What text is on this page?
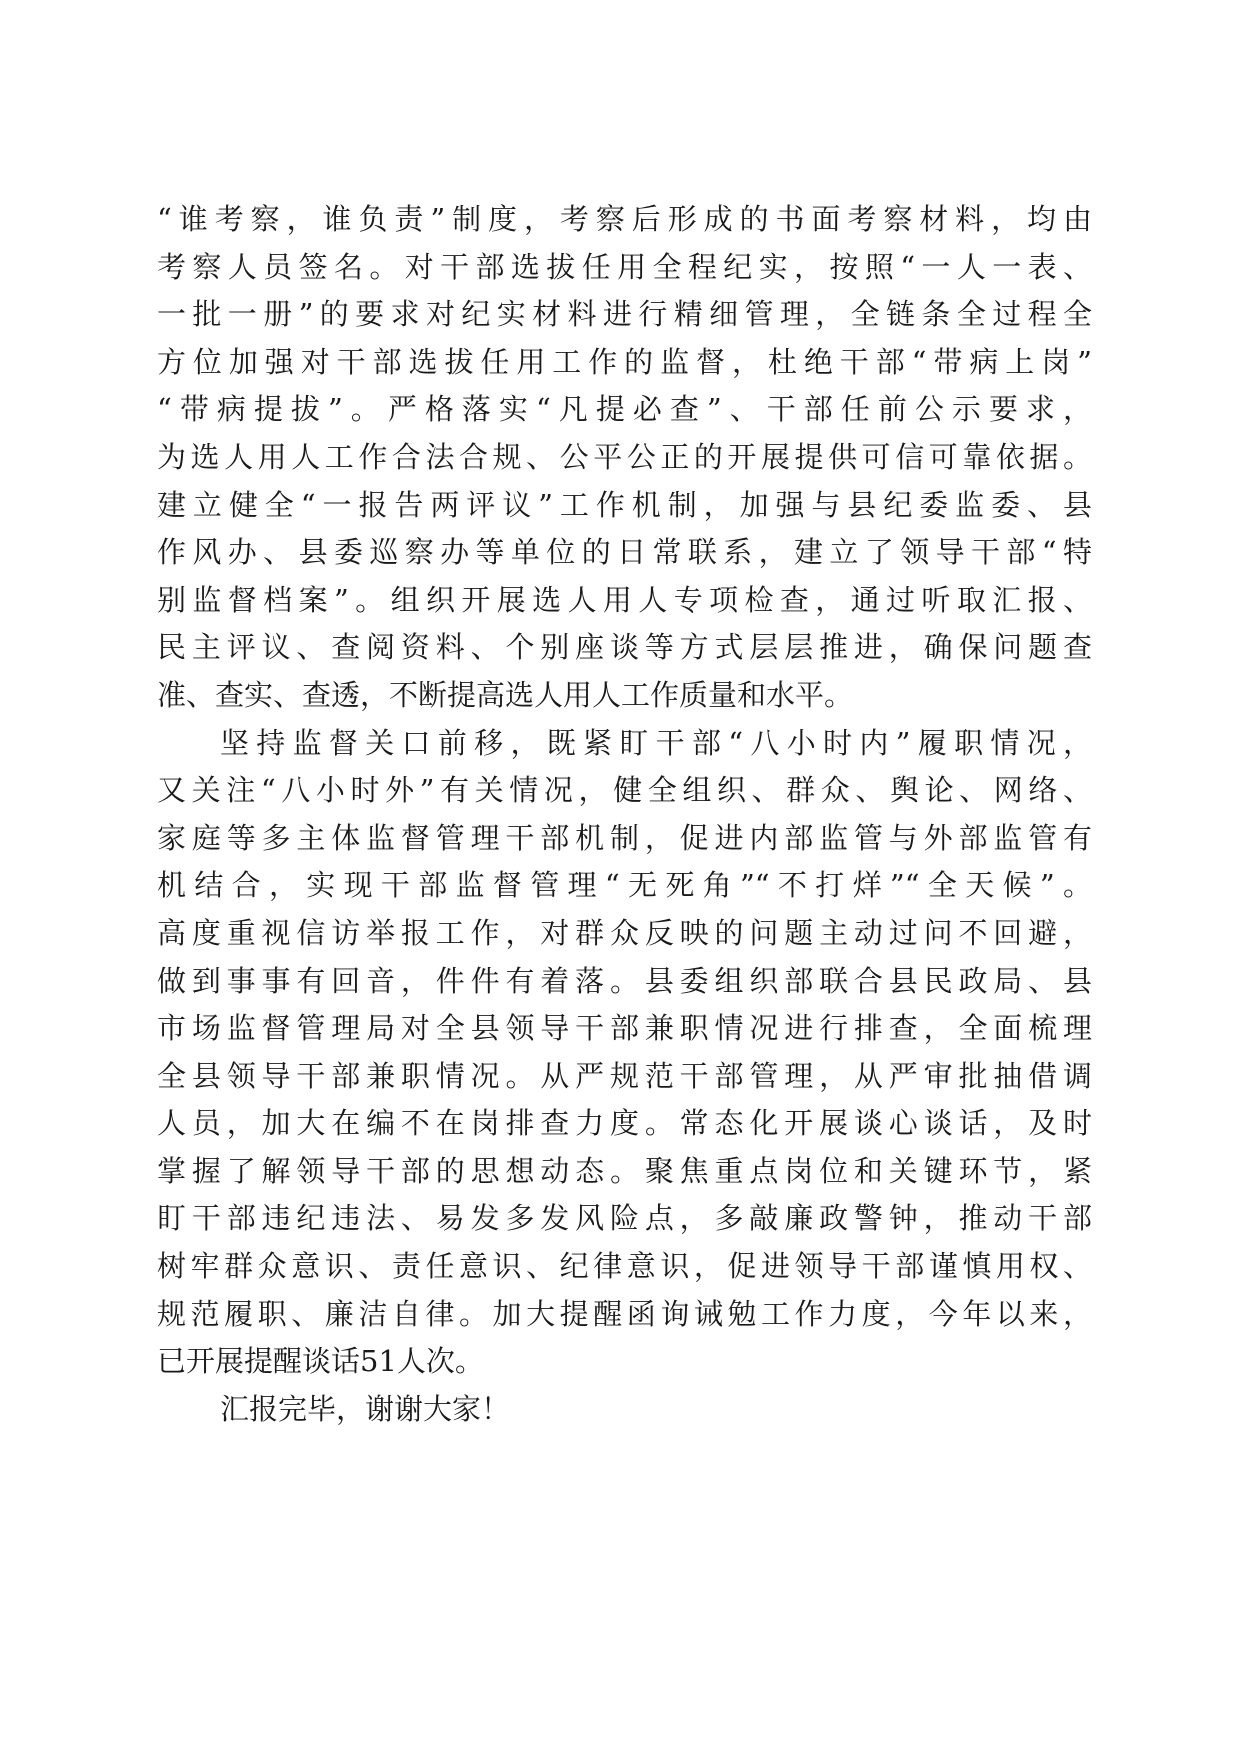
“谁考察，谁负责”制度，考察后形成的书面考察材料，均由
考察人员签名。对干部选拔任用全程纪实，按照“一人一表、
一批一册”的要求对纪实材料进行精细管理，全链条全过程全
方位加强对干部选拔任用工作的监督，杜绝干部“带病上岗”
“带病提拔”。严格落实“凡提必查”、干部任前公示要求，
为选人用人工作合法合规、公平公正的开展提供可信可靠依据。
建立健全“一报告两评议”工作机制，加强与县纪委监委、县
作风办、县委巡察办等单位的日常联系，建立了领导干部“特
别监督档案”。组织开展选人用人专项检查，通过听取汇报、
民主评议、查阅资料、个别座谈等方式层层推进，确保问题查
准、查实、查透，不断提高选人用人工作质量和水平。
坚持监督关口前移，既紧盯干部“八小时内”履职情况，
又关注“八小时外”有关情况，健全组织、群众、舆论、网络、
家庭等多主体监督管理干部机制，促进内部监管与外部监管有
机结合，实现干部监督管理“无死角”“不打烊”“全天候”。
高度重视信访举报工作，对群众反映的问题主动过问不回避，
做到事事有回音，件件有着落。县委组织部联合县民政局、县
市场监督管理局对全县领导干部兼职情况进行排查，全面梳理
全县领导干部兼职情况。从严规范干部管理，从严审批抽借调
人员，加大在编不在岗排查力度。常态化开展谈心谈话，及时
掌握了解领导干部的思想动态。聚焦重点岗位和关键环节，紧
盯干部违纪违法、易发多发风险点，多敲廉政警钟，推动干部
树牢群众意识、责任意识、纪律意识，促进领导干部谨慎用权、
规范履职、廉洁自律。加大提醒函询诫勉工作力度，今年以来，
已开展提醒谈话51人次。
汇报完毕，谢谢大家！
